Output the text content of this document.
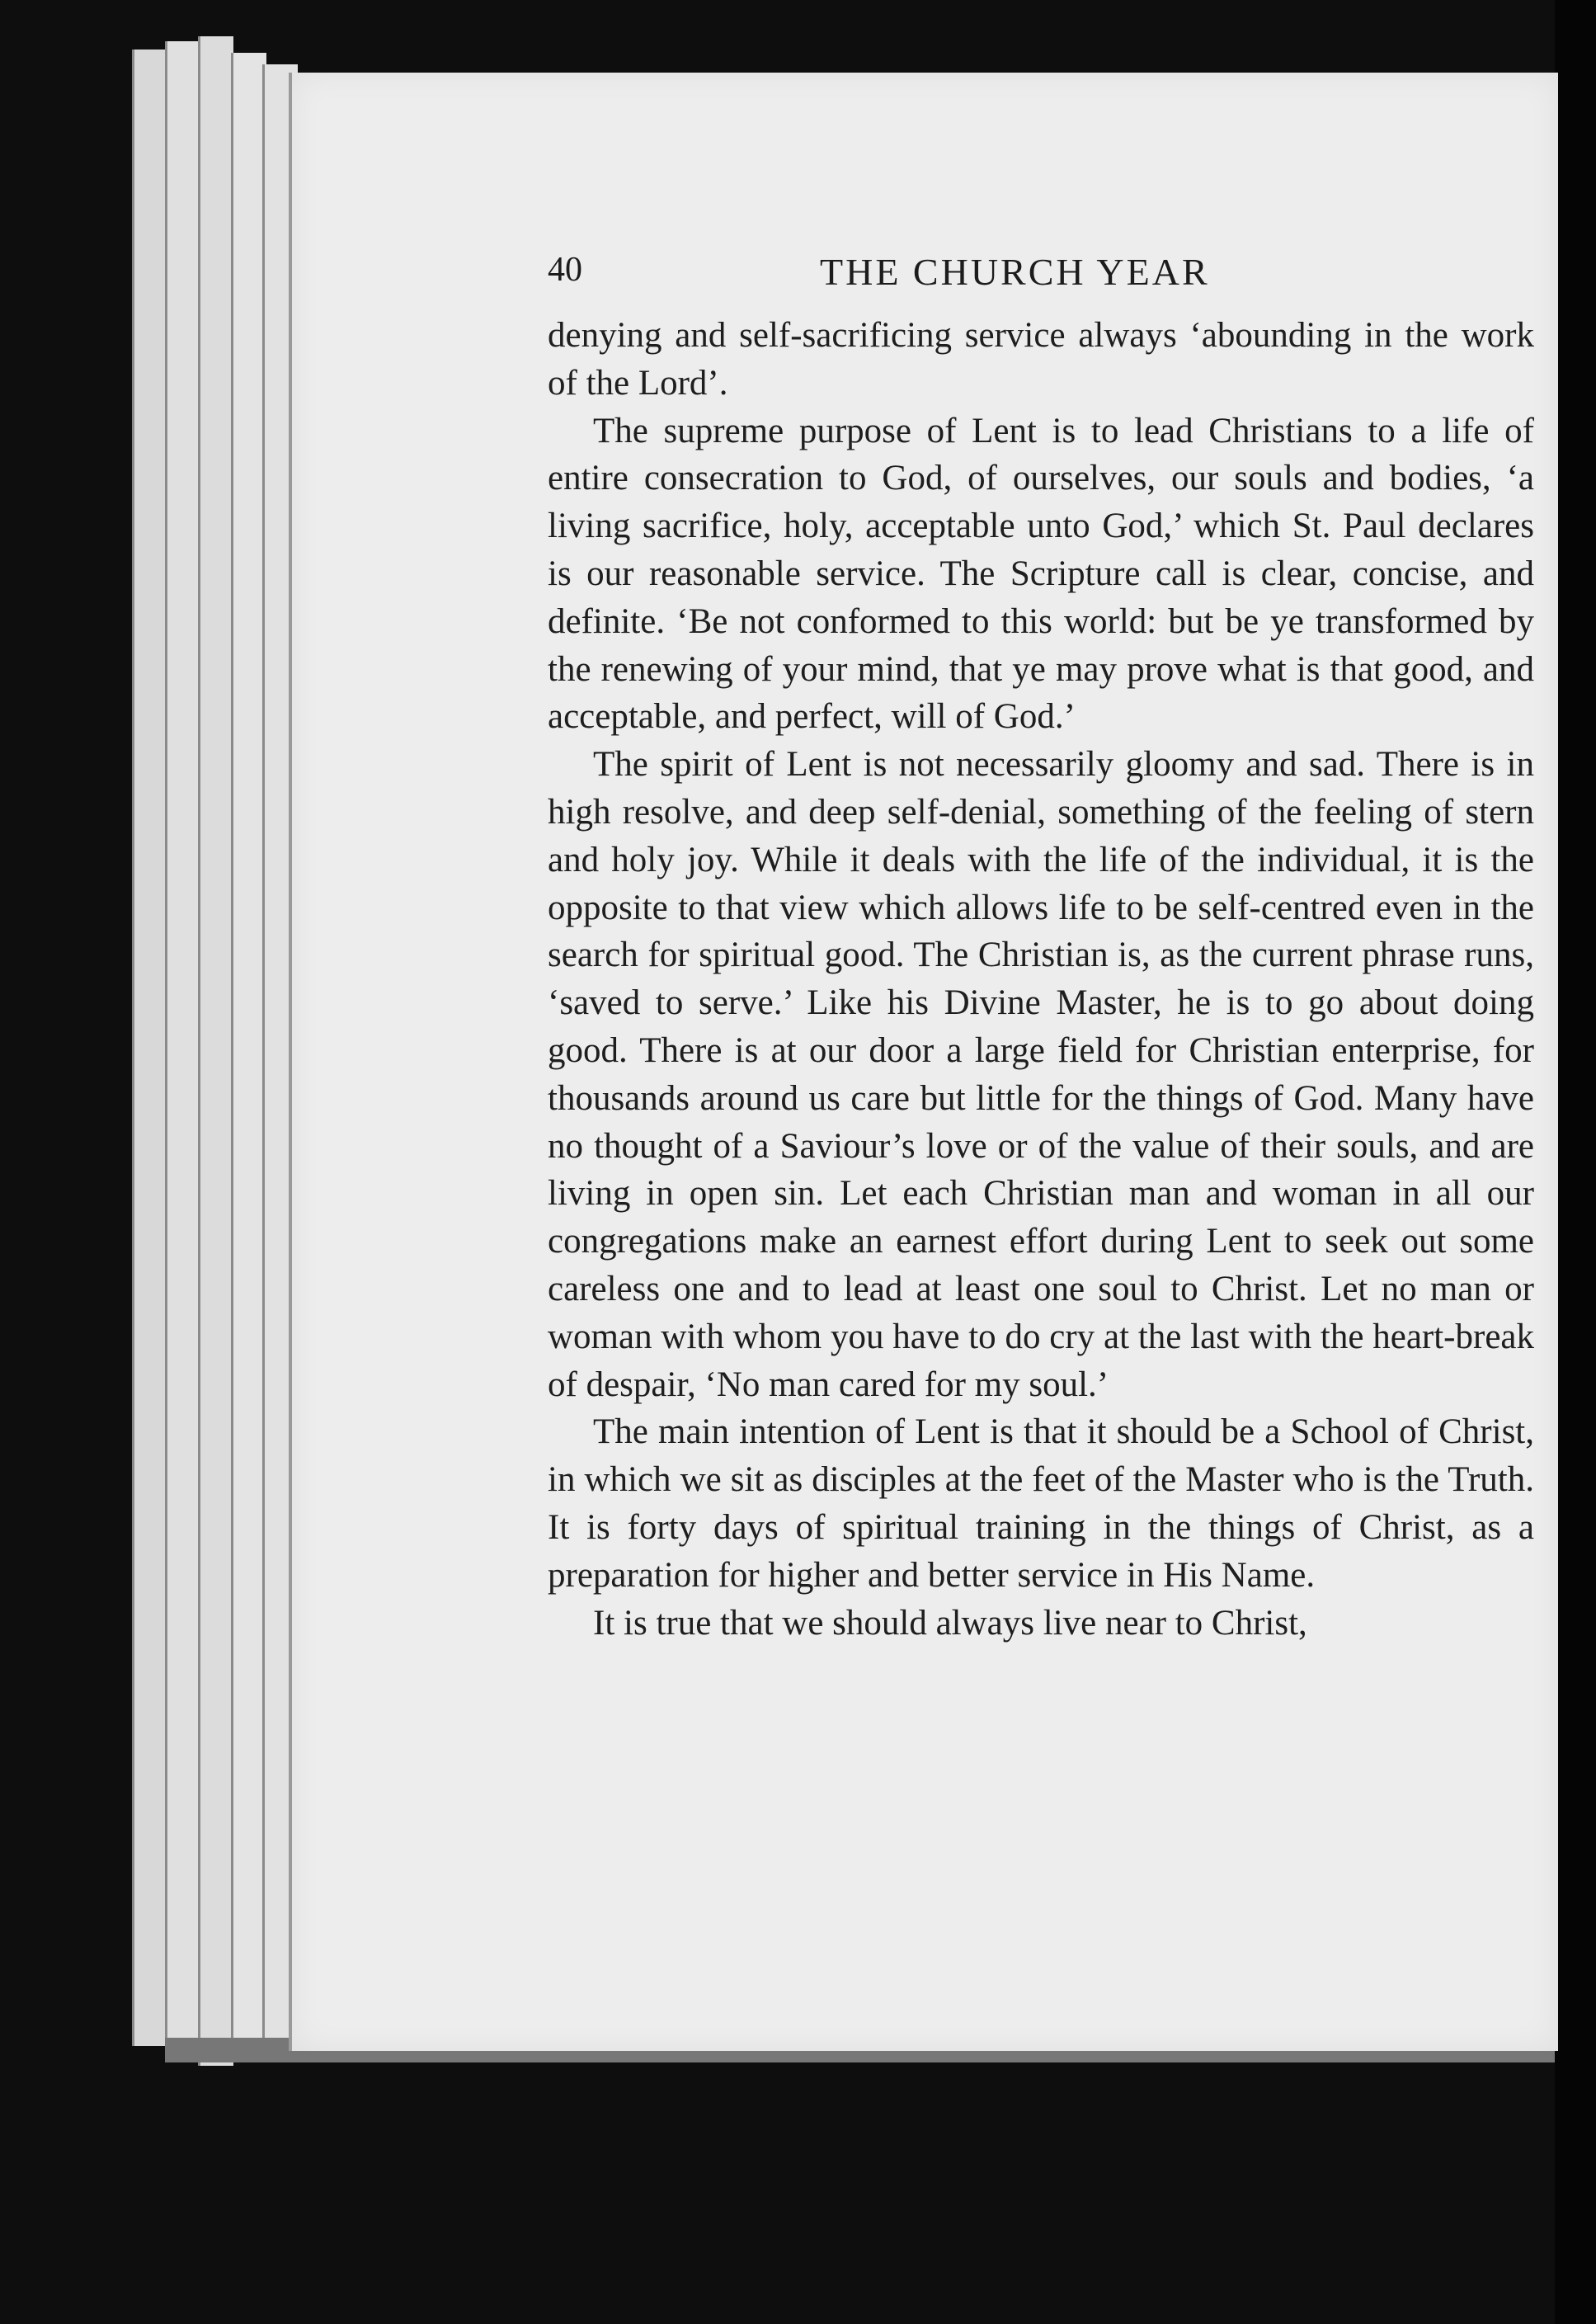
40	THE CHURCH YEAR

denying and self-sacrificing service always ‘abounding in the work of the Lord’.

The supreme purpose of Lent is to lead Christians to a life of entire consecration to God, of ourselves, our souls and bodies, ‘a living sacrifice, holy, acceptable unto God,’ which St. Paul declares is our reasonable service. The Scripture call is clear, concise, and definite. ‘Be not conformed to this world: but be ye transformed by the renewing of your mind, that ye may prove what is that good, and acceptable, and perfect, will of God.’

The spirit of Lent is not necessarily gloomy and sad. There is in high resolve, and deep self-denial, something of the feeling of stern and holy joy. While it deals with the life of the individual, it is the opposite to that view which allows life to be self-centred even in the search for spiritual good. The Christian is, as the current phrase runs, ‘saved to serve.’ Like his Divine Master, he is to go about doing good. There is at our door a large field for Christian enterprise, for thousands around us care but little for the things of God. Many have no thought of a Saviour’s love or of the value of their souls, and are living in open sin. Let each Christian man and woman in all our congregations make an earnest effort during Lent to seek out some careless one and to lead at least one soul to Christ. Let no man or woman with whom you have to do cry at the last with the heart-break of despair, ‘No man cared for my soul.’

The main intention of Lent is that it should be a School of Christ, in which we sit as disciples at the feet of the Master who is the Truth. It is forty days of spiritual training in the things of Christ, as a preparation for higher and better service in His Name.

It is true that we should always live near to Christ,
